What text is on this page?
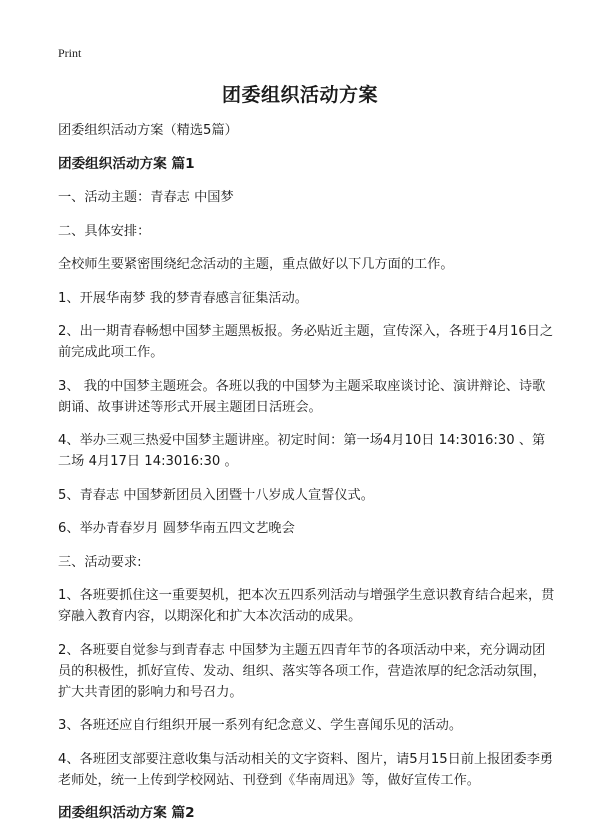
Print
团委组织活动方案

团委组织活动方案（精选5篇）

团委组织活动方案 篇1

一、活动主题：青春志 中国梦

二、具体安排：

全校师生要紧密围绕纪念活动的主题，重点做好以下几方面的工作。

1、开展华南梦 我的梦青春感言征集活动。

2、出一期青春畅想中国梦主题黑板报。务必贴近主题，宣传深入，各班于4月16日之前完成此项工作。

3、 我的中国梦主题班会。各班以我的中国梦为主题采取座谈讨论、演讲辩论、诗歌朗诵、故事讲述等形式开展主题团日活班会。

4、举办三观三热爱中国梦主题讲座。初定时间：第一场4月10日 14:3016:30 、第二场 4月17日 14:3016:30 。

5、青春志 中国梦新团员入团暨十八岁成人宣誓仪式。

6、举办青春岁月 圆梦华南五四文艺晚会

三、活动要求:

1、各班要抓住这一重要契机，把本次五四系列活动与增强学生意识教育结合起来，贯穿融入教育内容，以期深化和扩大本次活动的成果。

2、各班要自觉参与到青春志 中国梦为主题五四青年节的各项活动中来，充分调动团员的积极性，抓好宣传、发动、组织、落实等各项工作，营造浓厚的纪念活动氛围，扩大共青团的影响力和号召力。

3、各班还应自行组织开展一系列有纪念意义、学生喜闻乐见的活动。

4、各班团支部要注意收集与活动相关的文字资料、图片，请5月15日前上报团委李勇老师处，统一上传到学校网站、刊登到《华南周迅》等，做好宣传工作。

团委组织活动方案 篇2
